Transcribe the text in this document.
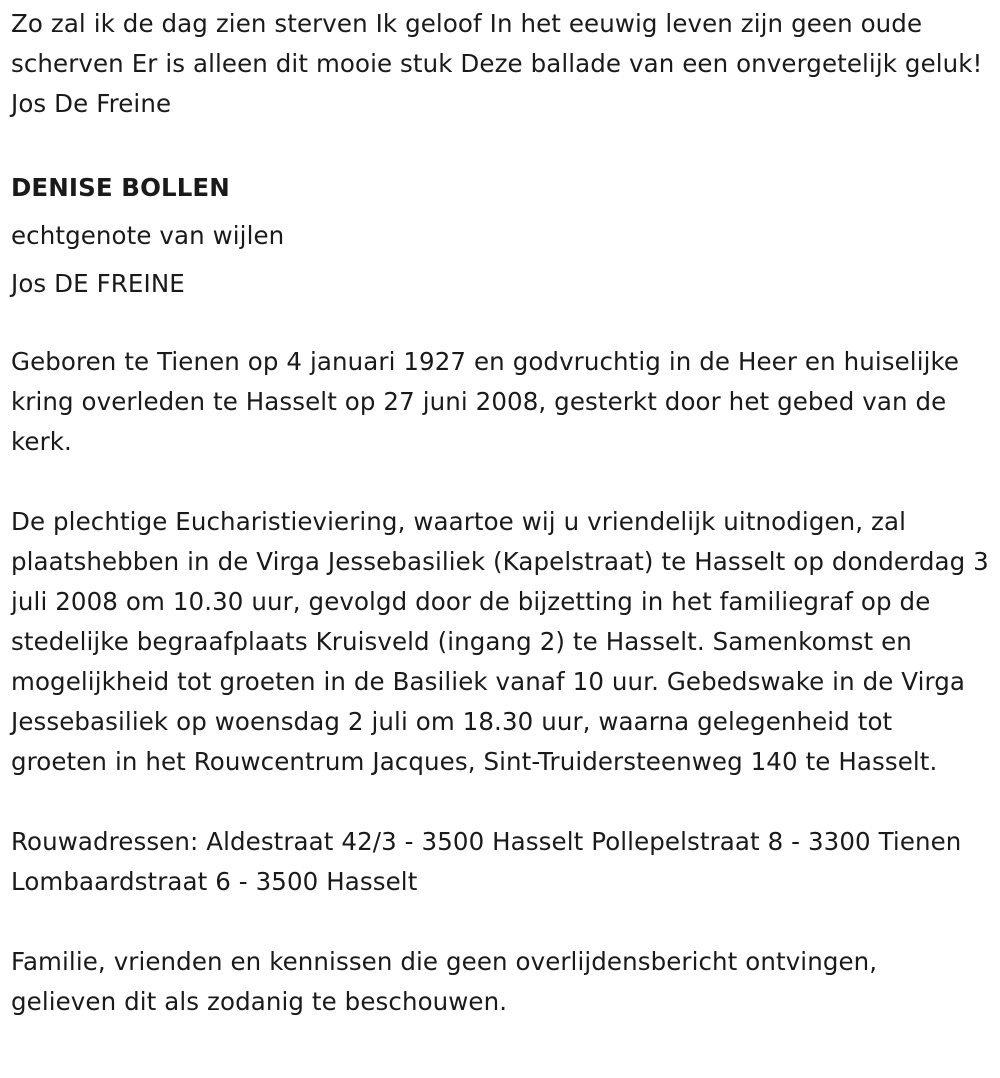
Zo zal ik de dag zien sterven Ik geloof In het eeuwig leven zijn geen oude scherven Er is alleen dit mooie stuk Deze ballade van een onvergetelijk geluk! Jos De Freine

DENISE BOLLEN

echtgenote van wijlen

Jos DE FREINE

Geboren te Tienen op 4 januari 1927 en godvruchtig in de Heer en huiselijke kring overleden te Hasselt op 27 juni 2008, gesterkt door het gebed van de kerk.

De plechtige Eucharistieviering, waartoe wij u vriendelijk uitnodigen, zal plaatshebben in de Virga Jessebasiliek (Kapelstraat) te Hasselt op donderdag 3 juli 2008 om 10.30 uur, gevolgd door de bijzetting in het familiegraf op de stedelijke begraafplaats Kruisveld (ingang 2) te Hasselt. Samenkomst en mogelijkheid tot groeten in de Basiliek vanaf 10 uur. Gebedswake in de Virga Jessebasiliek op woensdag 2 juli om 18.30 uur, waarna gelegenheid tot groeten in het Rouwcentrum Jacques, Sint-Truidersteenweg 140 te Hasselt.

Rouwadressen: Aldestraat 42/3 - 3500 Hasselt Pollepelstraat 8 - 3300 Tienen Lombaardstraat 6 - 3500 Hasselt

Familie, vrienden en kennissen die geen overlijdensbericht ontvingen, gelieven dit als zodanig te beschouwen.
